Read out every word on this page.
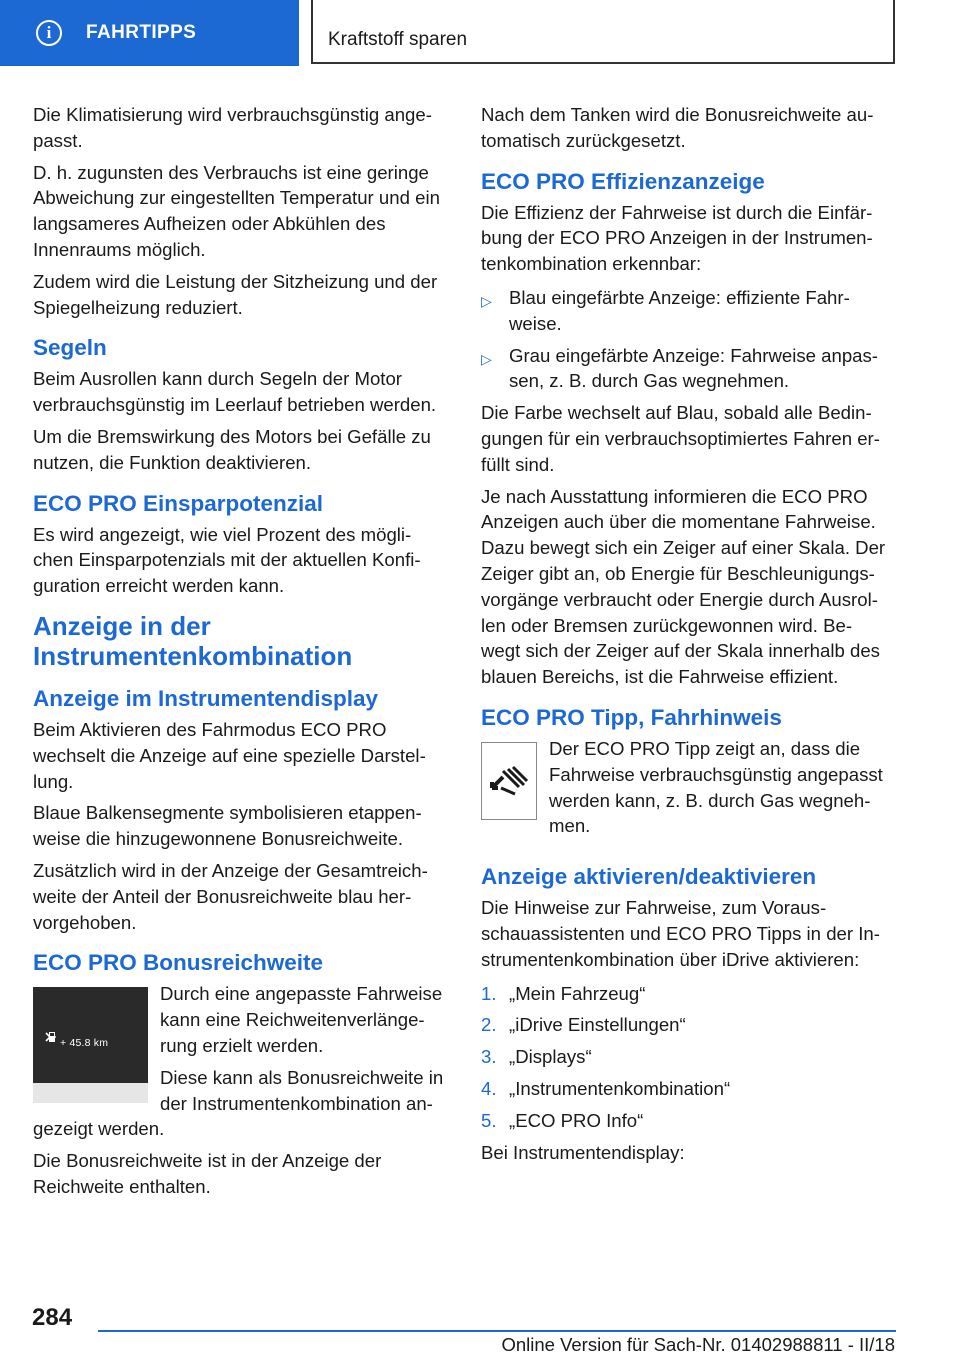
i	FAHRTIPPS	Kraftstoff sparen

Die Klimatisierung wird verbrauchsgünstig ange‐ passt.

D. h. zugunsten des Verbrauchs ist eine geringe Abweichung zur eingestellten Temperatur und ein langsameres Aufheizen oder Abkühlen des Innenraums möglich.

Zudem wird die Leistung der Sitzheizung und der Spiegelheizung reduziert.

Segeln

Beim Ausrollen kann durch Segeln der Motor verbrauchsgünstig im Leerlauf betrieben werden.

Um die Bremswirkung des Motors bei Gefälle zu nutzen, die Funktion deaktivieren.

ECO PRO Einsparpotenzial

Es wird angezeigt, wie viel Prozent des mögli‐ chen Einsparpotenzials mit der aktuellen Konfi‐ guration erreicht werden kann.

Anzeige in der Instrumentenkombination
Anzeige im Instrumentendisplay

Beim Aktivieren des Fahrmodus ECO PRO wechselt die Anzeige auf eine spezielle Darstel‐ lung.

Blaue Balkensegmente symbolisieren etappen‐ weise die hinzugewonnene Bonusreichweite.

Zusätzlich wird in der Anzeige der Gesamtreich‐ weite der Anteil der Bonusreichweite blau her‐ vorgehoben.

ECO PRO Bonusreichweite
+ 45.8 km

Durch eine angepasste Fahrweise kann eine Reichweitenverlänge‐ rung erzielt werden.

Diese kann als Bonusreichweite in der Instrumentenkombination an‐ gezeigt werden.

Die Bonusreichweite ist in der Anzeige der Reichweite enthalten.

Nach dem Tanken wird die Bonusreichweite au‐ tomatisch zurückgesetzt.

ECO PRO Effizienzanzeige

Die Effizienz der Fahrweise ist durch die Einfär‐ bung der ECO PRO Anzeigen in der Instrumen‐ tenkombination erkennbar:

▷ Blau eingefärbte Anzeige: effiziente Fahr‐ weise.
▷ Grau eingefärbte Anzeige: Fahrweise anpas‐ sen, z. B. durch Gas wegnehmen.

Die Farbe wechselt auf Blau, sobald alle Bedin‐ gungen für ein verbrauchsoptimiertes Fahren er‐ füllt sind.

Je nach Ausstattung informieren die ECO PRO Anzeigen auch über die momentane Fahrweise. Dazu bewegt sich ein Zeiger auf einer Skala. Der Zeiger gibt an, ob Energie für Beschleunigungs‐ vorgänge verbraucht oder Energie durch Ausrol‐ len oder Bremsen zurückgewonnen wird. Be‐ wegt sich der Zeiger auf der Skala innerhalb des blauen Bereichs, ist die Fahrweise effizient.

ECO PRO Tipp, Fahrhinweis

Der ECO PRO Tipp zeigt an, dass die Fahrweise verbrauchsgünstig angepasst werden kann, z. B. durch Gas wegneh‐ men.

Anzeige aktivieren/deaktivieren

Die Hinweise zur Fahrweise, zum Voraus‐ schauassistenten und ECO PRO Tipps in der In‐ strumentenkombination über iDrive aktivieren:

1. „Mein Fahrzeug“
2. „iDrive Einstellungen“
3. „Displays“
4. „Instrumentenkombination“
5. „ECO PRO Info“

Bei Instrumentendisplay:

284
Online Version für Sach-Nr. 01402988811 - II/18
